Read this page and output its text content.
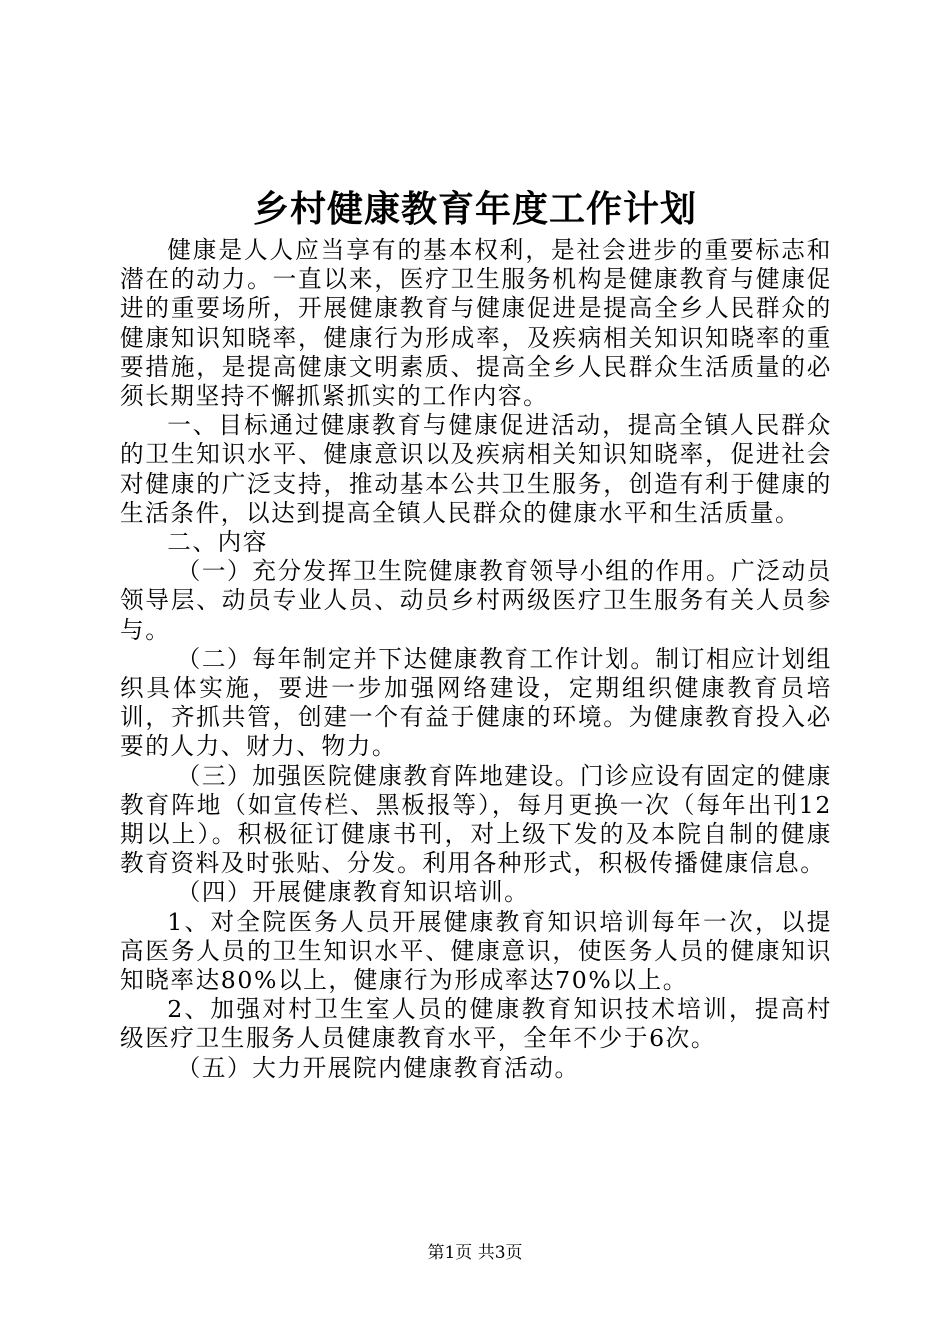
乡村健康教育年度工作计划

健康是人人应当享有的基本权利，是社会进步的重要标志和潜在的动力。一直以来，医疗卫生服务机构是健康教育与健康促进的重要场所，开展健康教育与健康促进是提高全乡人民群众的健康知识知晓率，健康行为形成率，及疾病相关知识知晓率的重要措施，是提高健康文明素质、提高全乡人民群众生活质量的必须长期坚持不懈抓紧抓实的工作内容。

一、目标通过健康教育与健康促进活动，提高全镇人民群众的卫生知识水平、健康意识以及疾病相关知识知晓率，促进社会对健康的广泛支持，推动基本公共卫生服务，创造有利于健康的生活条件，以达到提高全镇人民群众的健康水平和生活质量。

二、内容

（一）充分发挥卫生院健康教育领导小组的作用。广泛动员领导层、动员专业人员、动员乡村两级医疗卫生服务有关人员参与。

（二）每年制定并下达健康教育工作计划。制订相应计划组织具体实施，要进一步加强网络建设，定期组织健康教育员培训，齐抓共管，创建一个有益于健康的环境。为健康教育投入必要的人力、财力、物力。

（三）加强医院健康教育阵地建设。门诊应设有固定的健康教育阵地（如宣传栏、黑板报等），每月更换一次（每年出刊12期以上）。积极征订健康书刊，对上级下发的及本院自制的健康教育资料及时张贴、分发。利用各种形式，积极传播健康信息。

（四）开展健康教育知识培训。

1、对全院医务人员开展健康教育知识培训每年一次，以提高医务人员的卫生知识水平、健康意识，使医务人员的健康知识知晓率达80%以上，健康行为形成率达70%以上。

2、加强对村卫生室人员的健康教育知识技术培训，提高村级医疗卫生服务人员健康教育水平，全年不少于6次。

（五）大力开展院内健康教育活动。

第1页 共3页
